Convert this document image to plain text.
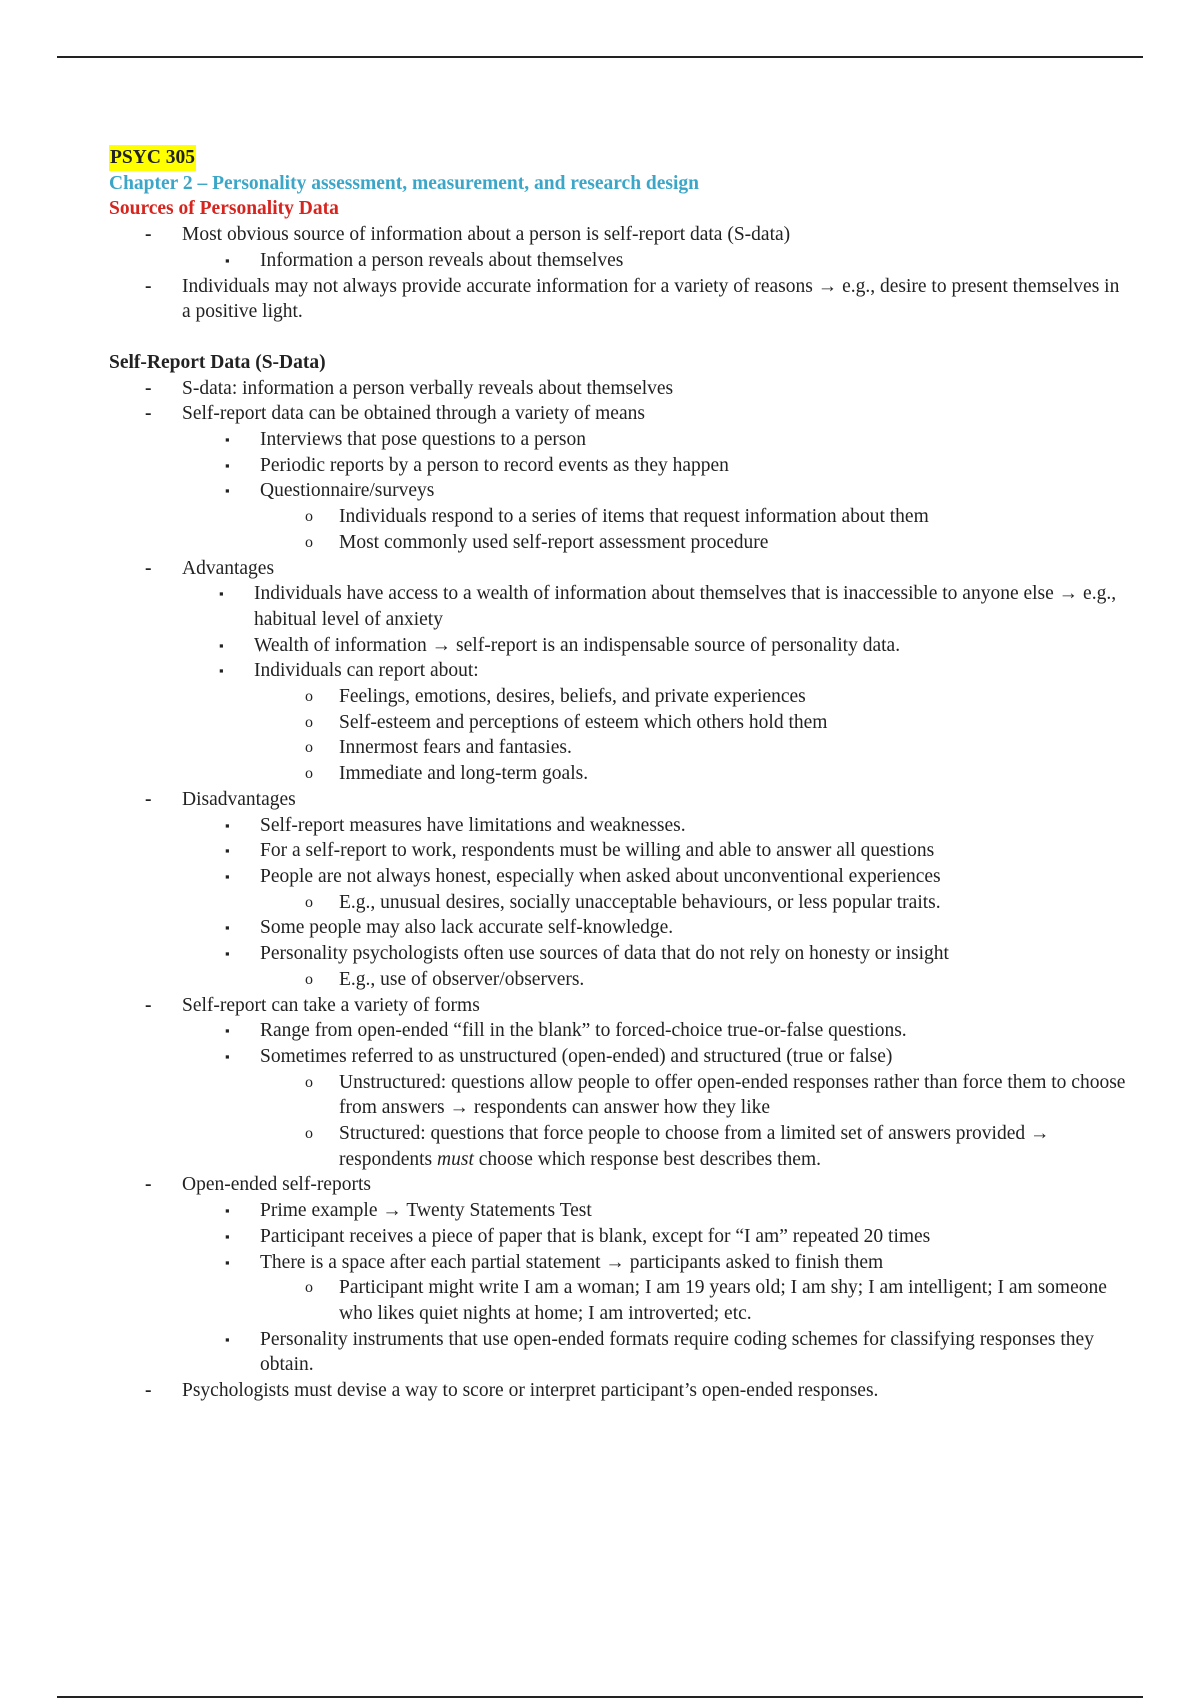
PSYC 305
Chapter 2 – Personality assessment, measurement, and research design
Sources of Personality Data
- Most obvious source of information about a person is self-report data (S-data)
▪ Information a person reveals about themselves
- Individuals may not always provide accurate information for a variety of reasons → e.g., desire to present themselves in a positive light.
Self-Report Data (S-Data)
- S-data: information a person verbally reveals about themselves
- Self-report data can be obtained through a variety of means
▪ Interviews that pose questions to a person
▪ Periodic reports by a person to record events as they happen
▪ Questionnaire/surveys
o Individuals respond to a series of items that request information about them
o Most commonly used self-report assessment procedure
- Advantages
▪ Individuals have access to a wealth of information about themselves that is inaccessible to anyone else → e.g., habitual level of anxiety
▪ Wealth of information → self-report is an indispensable source of personality data.
▪ Individuals can report about:
o Feelings, emotions, desires, beliefs, and private experiences
o Self-esteem and perceptions of esteem which others hold them
o Innermost fears and fantasies.
o Immediate and long-term goals.
- Disadvantages
▪ Self-report measures have limitations and weaknesses.
▪ For a self-report to work, respondents must be willing and able to answer all questions
▪ People are not always honest, especially when asked about unconventional experiences
o E.g., unusual desires, socially unacceptable behaviours, or less popular traits.
▪ Some people may also lack accurate self-knowledge.
▪ Personality psychologists often use sources of data that do not rely on honesty or insight
o E.g., use of observer/observers.
- Self-report can take a variety of forms
▪ Range from open-ended “fill in the blank” to forced-choice true-or-false questions.
▪ Sometimes referred to as unstructured (open-ended) and structured (true or false)
o Unstructured: questions allow people to offer open-ended responses rather than force them to choose from answers → respondents can answer how they like
o Structured: questions that force people to choose from a limited set of answers provided → respondents must choose which response best describes them.
- Open-ended self-reports
▪ Prime example → Twenty Statements Test
▪ Participant receives a piece of paper that is blank, except for “I am” repeated 20 times
▪ There is a space after each partial statement → participants asked to finish them
o Participant might write I am a woman; I am 19 years old; I am shy; I am intelligent; I am someone who likes quiet nights at home; I am introverted; etc.
▪ Personality instruments that use open-ended formats require coding schemes for classifying responses they obtain.
- Psychologists must devise a way to score or interpret participant’s open-ended responses.
